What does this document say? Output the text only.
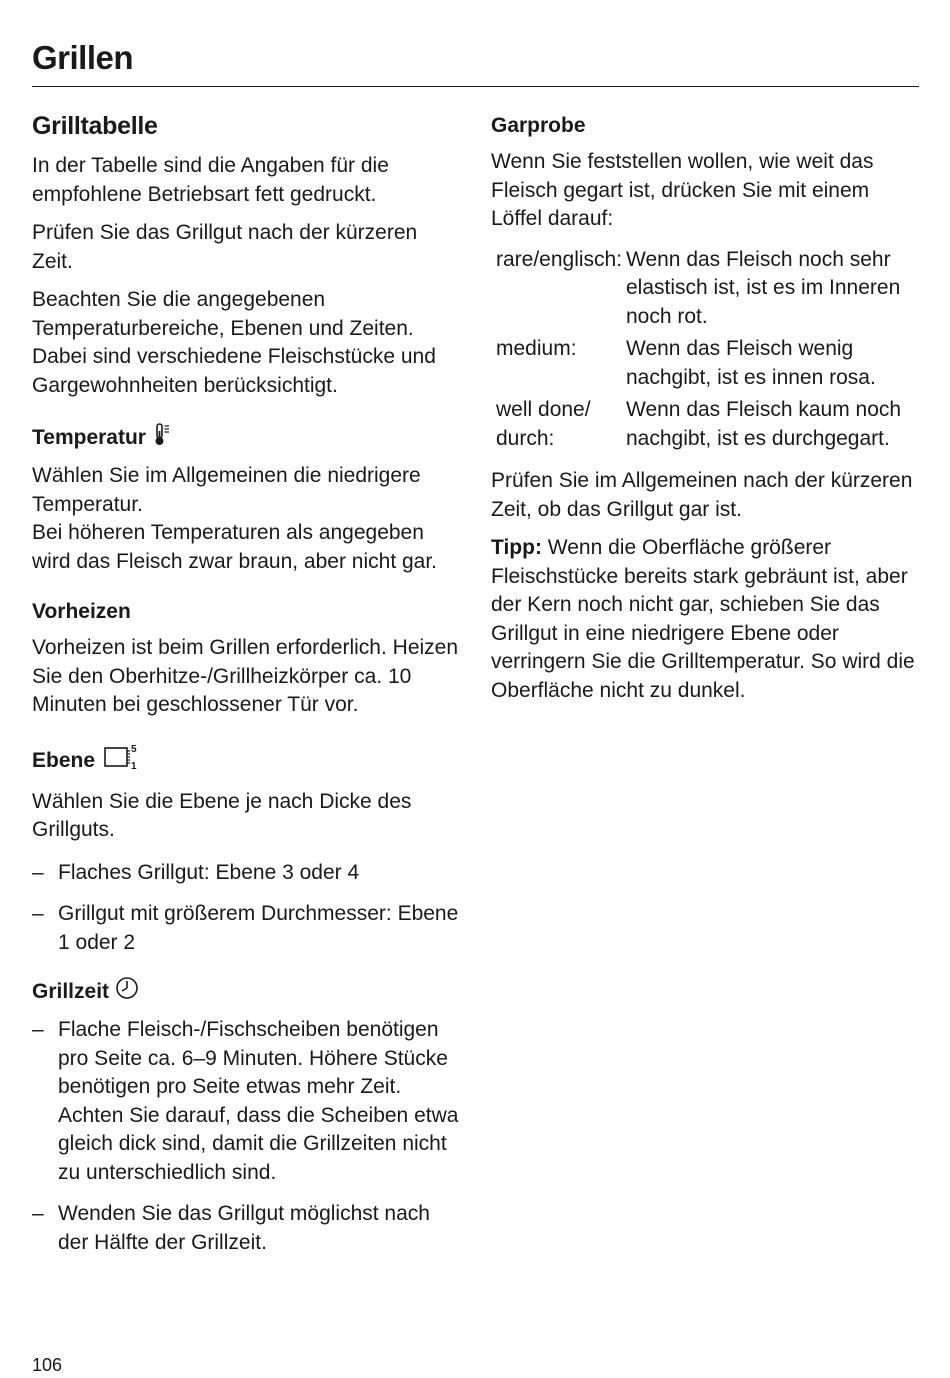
Grillen
Grilltabelle

In der Tabelle sind die Angaben für die empfohlene Betriebsart fett gedruckt.

Prüfen Sie das Grillgut nach der kürzeren Zeit.

Beachten Sie die angegebenen Temperaturbereiche, Ebenen und Zeiten. Dabei sind verschiedene Fleischstücke und Gargewohnheiten berücksichtigt.

Temperatur

Wählen Sie im Allgemeinen die niedrigere Temperatur.

Bei höheren Temperaturen als angegeben wird das Fleisch zwar braun, aber nicht gar.

Vorheizen

Vorheizen ist beim Grillen erforderlich. Heizen Sie den Oberhitze-/Grillheizkörper ca. 10 Minuten bei geschlossener Tür vor.

Ebene	5
1

Wählen Sie die Ebene je nach Dicke des Grillguts.

– Flaches Grillgut: Ebene 3 oder 4
– Grillgut mit größerem Durchmesser: Ebene 1 oder 2
Grillzeit
– Flache Fleisch-/Fischscheiben benötigen pro Seite ca. 6–9 Minuten. Höhere Stücke benötigen pro Seite etwas mehr Zeit. Achten Sie darauf, dass die Scheiben etwa gleich dick sind, damit die Grillzeiten nicht zu unterschiedlich sind.
– Wenden Sie das Grillgut möglichst nach der Hälfte der Grillzeit.
Garprobe

Wenn Sie feststellen wollen, wie weit das Fleisch gegart ist, drücken Sie mit einem Löffel darauf:

rare/englisch: Wenn das Fleisch noch sehr elastisch ist, ist es im Inneren noch rot.
medium:	Wenn das Fleisch wenig nachgibt, ist es innen rosa.
well done/ durch:
Wenn das Fleisch kaum noch nachgibt, ist es durchgegart.

Prüfen Sie im Allgemeinen nach der kürzeren Zeit, ob das Grillgut gar ist.

Tipp: Wenn die Oberfläche größerer Fleischstücke bereits stark gebräunt ist, aber der Kern noch nicht gar, schieben Sie das Grillgut in eine niedrigere Ebene oder verringern Sie die Grilltemperatur. So wird die Oberfläche nicht zu dunkel.

106
